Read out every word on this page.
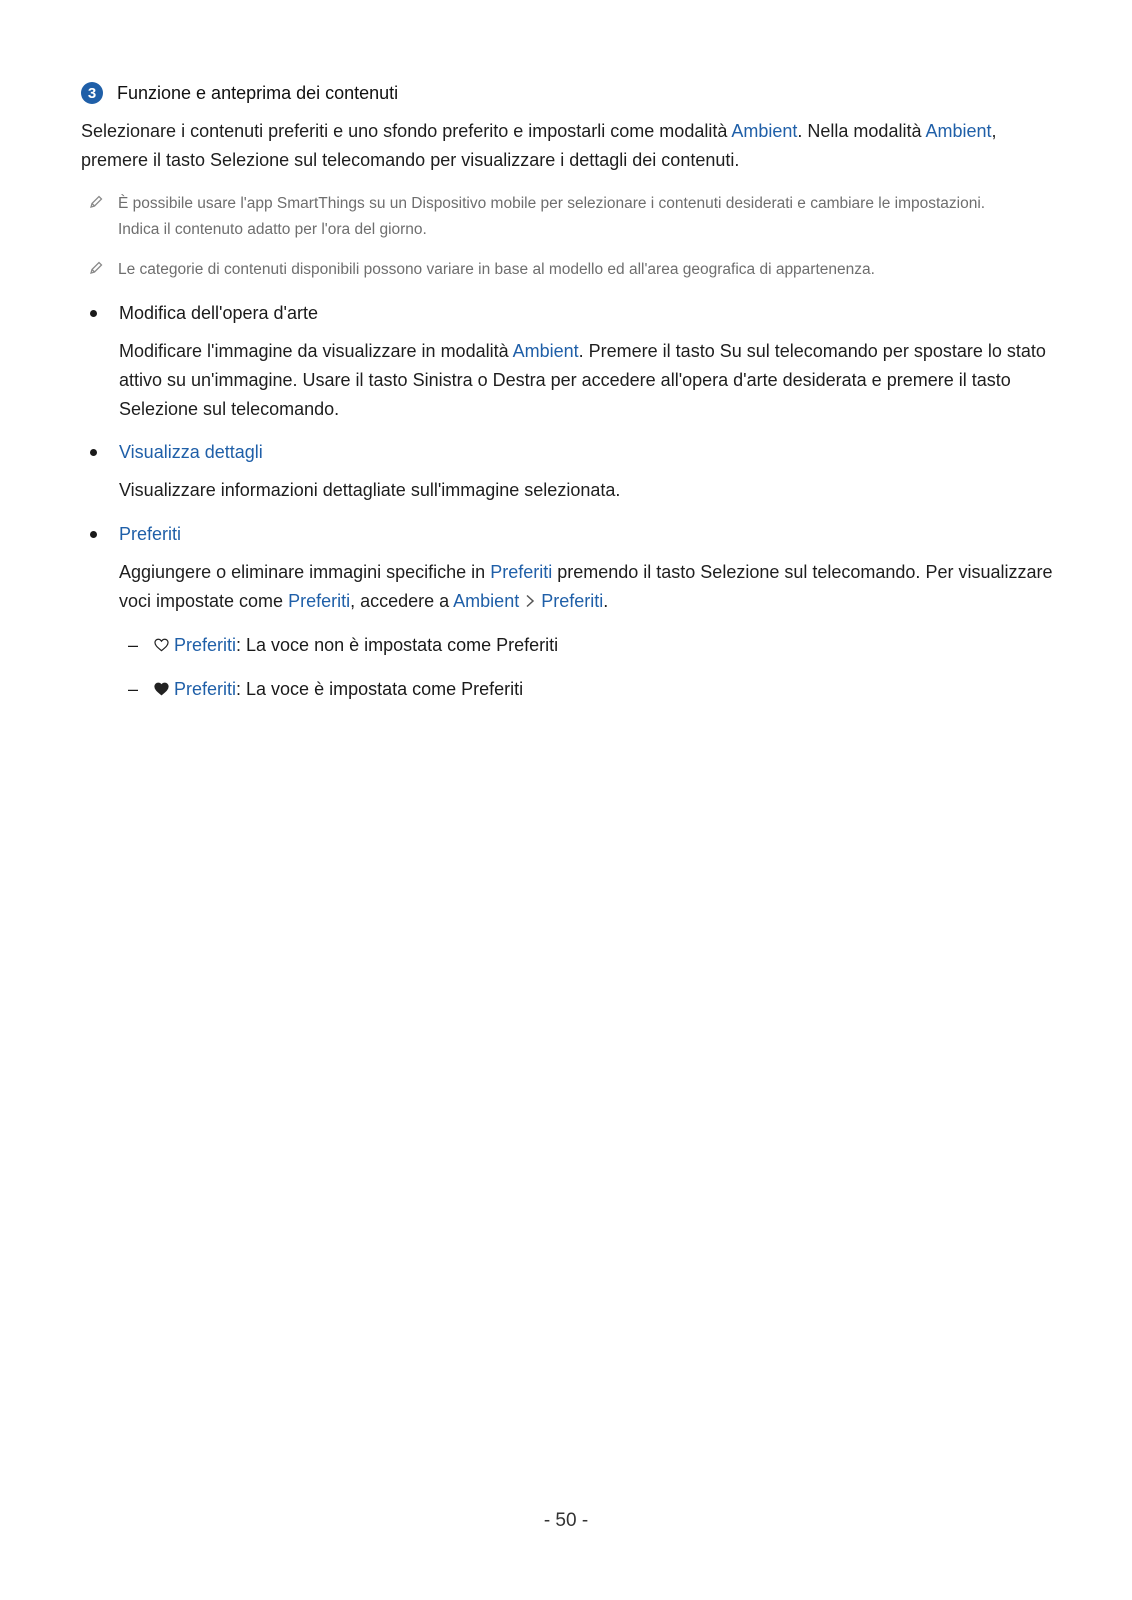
3	Funzione e anteprima dei contenuti
Selezionare i contenuti preferiti e uno sfondo preferito e impostarli come modalità Ambient. Nella modalità Ambient, premere il tasto Selezione sul telecomando per visualizzare i dettagli dei contenuti.
È possibile usare l'app SmartThings su un Dispositivo mobile per selezionare i contenuti desiderati e cambiare le impostazioni. Indica il contenuto adatto per l'ora del giorno.
Le categorie di contenuti disponibili possono variare in base al modello ed all'area geografica di appartenenza.
Modifica dell'opera d'arte
Modificare l'immagine da visualizzare in modalità Ambient. Premere il tasto Su sul telecomando per spostare lo stato attivo su un'immagine. Usare il tasto Sinistra o Destra per accedere all'opera d'arte desiderata e premere il tasto Selezione sul telecomando.
Visualizza dettagli
Visualizzare informazioni dettagliate sull'immagine selezionata.
Preferiti
Aggiungere o eliminare immagini specifiche in Preferiti premendo il tasto Selezione sul telecomando. Per visualizzare voci impostate come Preferiti, accedere a Ambient Preferiti.
–	Preferiti : La voce non è impostata come Preferiti
–	Preferiti : La voce è impostata come Preferiti
- 50 -
